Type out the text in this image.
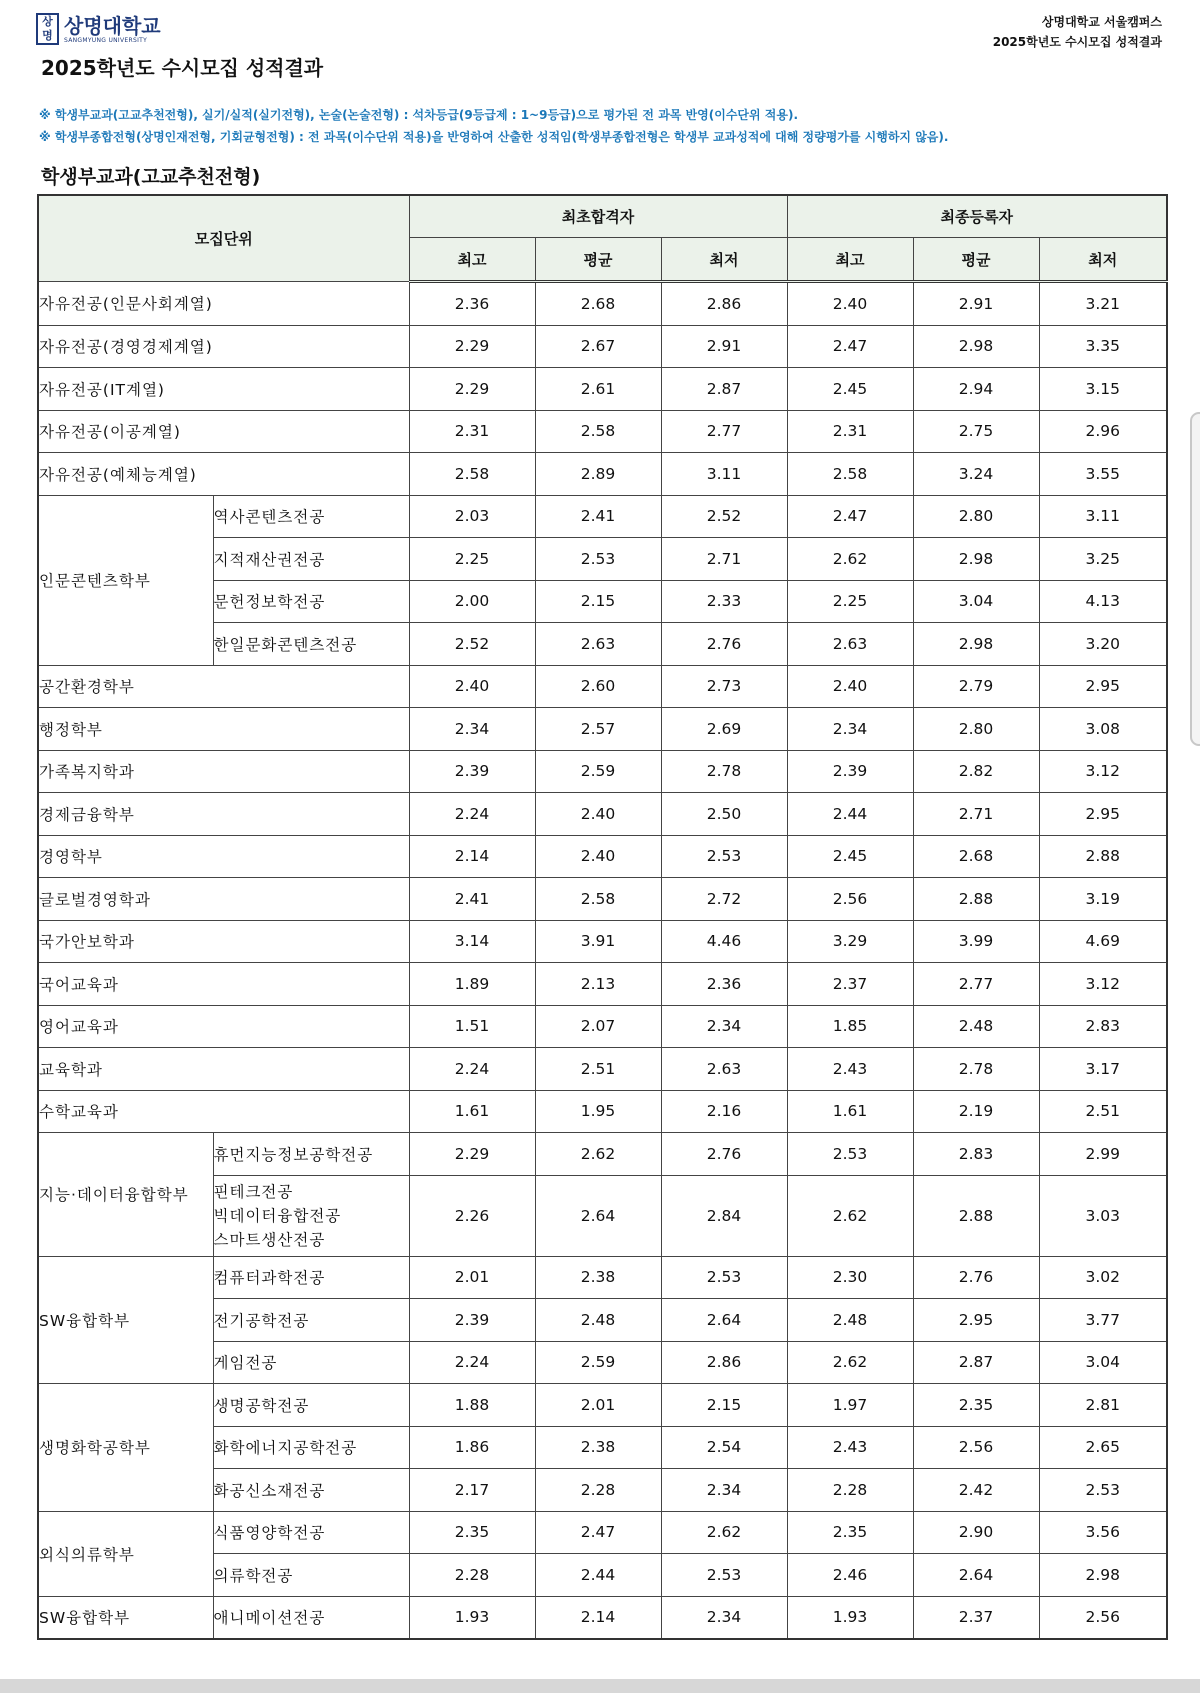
상명 상명대학교
SANGMYUNG UNIVERSITY
상명대학교 서울캠퍼스
2025학년도 수시모집 성적결과
2025학년도 수시모집 성적결과
※ 학생부교과(고교추천전형), 실기/실적(실기전형), 논술(논술전형) : 석차등급(9등급제 : 1~9등급)으로 평가된 전 과목 반영(이수단위 적용).
※ 학생부종합전형(상명인재전형, 기회균형전형) : 전 과목(이수단위 적용)을 반영하여 산출한 성적임(학생부종합전형은 학생부 교과성적에 대해 정량평가를 시행하지 않음).
학생부교과(고교추천전형)
모집단위		최초합격자			최종등록자		
		최고	평균	최저	최고	평균	최저
자유전공(인문사회계열)		2.36	2.68	2.86	2.40	2.91	3.21
자유전공(경영경제계열)		2.29	2.67	2.91	2.47	2.98	3.35
자유전공(IT계열)		2.29	2.61	2.87	2.45	2.94	3.15
자유전공(이공계열)		2.31	2.58	2.77	2.31	2.75	2.96
자유전공(예체능계열)		2.58	2.89	3.11	2.58	3.24	3.55
인문콘텐츠학부	역사콘텐츠전공	2.03	2.41	2.52	2.47	2.80	3.11
	지적재산권전공	2.25	2.53	2.71	2.62	2.98	3.25
	문헌정보학전공	2.00	2.15	2.33	2.25	3.04	4.13
	한일문화콘텐츠전공	2.52	2.63	2.76	2.63	2.98	3.20
공간환경학부		2.40	2.60	2.73	2.40	2.79	2.95
행정학부		2.34	2.57	2.69	2.34	2.80	3.08
가족복지학과		2.39	2.59	2.78	2.39	2.82	3.12
경제금융학부		2.24	2.40	2.50	2.44	2.71	2.95
경영학부		2.14	2.40	2.53	2.45	2.68	2.88
글로벌경영학과		2.41	2.58	2.72	2.56	2.88	3.19
국가안보학과		3.14	3.91	4.46	3.29	3.99	4.69
국어교육과		1.89	2.13	2.36	2.37	2.77	3.12
영어교육과		1.51	2.07	2.34	1.85	2.48	2.83
교육학과		2.24	2.51	2.63	2.43	2.78	3.17
수학교육과		1.61	1.95	2.16	1.61	2.19	2.51
지능·데이터융합학부	휴먼지능정보공학전공	2.29	2.62	2.76	2.53	2.83	2.99

	핀테크전공
빅데이터융합전공
스마트생산전공	2.26	2.64	2.84	2.62	2.88	3.03
SW융합학부	컴퓨터과학전공	2.01	2.38	2.53	2.30	2.76	3.02
	전기공학전공	2.39	2.48	2.64	2.48	2.95	3.77
	게임전공	2.24	2.59	2.86	2.62	2.87	3.04
생명화학공학부	생명공학전공	1.88	2.01	2.15	1.97	2.35	2.81
	화학에너지공학전공	1.86	2.38	2.54	2.43	2.56	2.65
	화공신소재전공	2.17	2.28	2.34	2.28	2.42	2.53
외식의류학부	식품영양학전공	2.35	2.47	2.62	2.35	2.90	3.56
	의류학전공	2.28	2.44	2.53	2.46	2.64	2.98
SW융합학부	애니메이션전공	1.93	2.14	2.34	1.93	2.37	2.56
